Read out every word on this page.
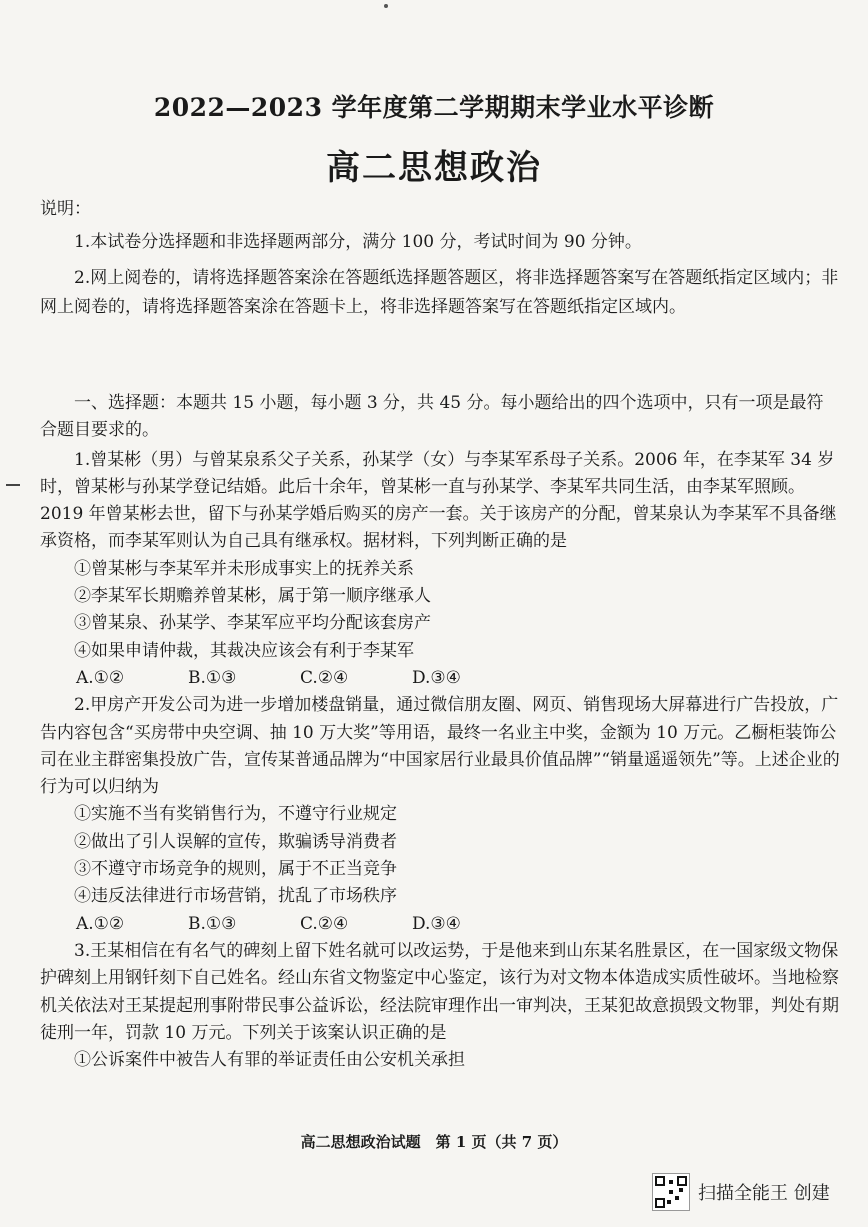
2022—2023 学年度第二学期期末学业水平诊断
高二思想政治

说明：

1.本试卷分选择题和非选择题两部分，满分 100 分，考试时间为 90 分钟。

2.网上阅卷的，请将选择题答案涂在答题纸选择题答题区，将非选择题答案写在答题纸指定区域内；非网上阅卷的，请将选择题答案涂在答题卡上，将非选择题答案写在答题纸指定区域内。

一、选择题：本题共 15 小题，每小题 3 分，共 45 分。每小题给出的四个选项中，只有一项是最符合题目要求的。

1.曾某彬（男）与曾某泉系父子关系，孙某学（女）与李某军系母子关系。2006 年，在李某军 34 岁时，曾某彬与孙某学登记结婚。此后十余年，曾某彬一直与孙某学、李某军共同生活，由李某军照顾。2019 年曾某彬去世，留下与孙某学婚后购买的房产一套。关于该房产的分配，曾某泉认为李某军不具备继承资格，而李某军则认为自己具有继承权。据材料，下列判断正确的是

①曾某彬与李某军并未形成事实上的抚养关系

②李某军长期赡养曾某彬，属于第一顺序继承人

③曾某泉、孙某学、李某军应平均分配该套房产

④如果申请仲裁，其裁决应该会有利于李某军

A.①②	B.①③	C.②④	D.③④

2.甲房产开发公司为进一步增加楼盘销量，通过微信朋友圈、网页、销售现场大屏幕进行广告投放，广告内容包含“买房带中央空调、抽 10 万大奖”等用语，最终一名业主中奖，金额为 10 万元。乙橱柜装饰公司在业主群密集投放广告，宣传某普通品牌为“中国家居行业最具价值品牌”“销量遥遥领先”等。上述企业的行为可以归纳为

①实施不当有奖销售行为，不遵守行业规定

②做出了引人误解的宣传，欺骗诱导消费者

③不遵守市场竞争的规则，属于不正当竞争

④违反法律进行市场营销，扰乱了市场秩序

A.①②	B.①③	C.②④	D.③④

3.王某相信在有名气的碑刻上留下姓名就可以改运势，于是他来到山东某名胜景区，在一国家级文物保护碑刻上用钢钎刻下自己姓名。经山东省文物鉴定中心鉴定，该行为对文物本体造成实质性破坏。当地检察机关依法对王某提起刑事附带民事公益诉讼，经法院审理作出一审判决，王某犯故意损毁文物罪，判处有期徒刑一年，罚款 10 万元。下列关于该案认识正确的是

①公诉案件中被告人有罪的举证责任由公安机关承担

高二思想政治试题　第 1 页（共 7 页）
扫描全能王 创建
